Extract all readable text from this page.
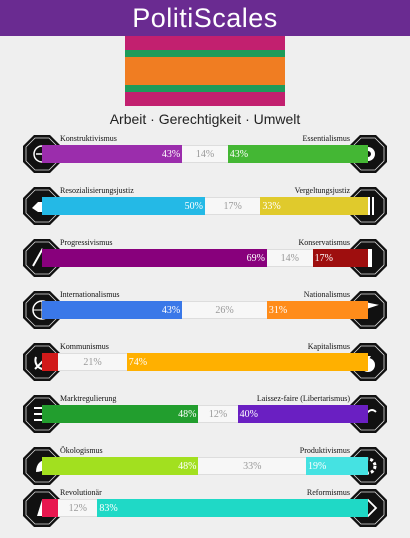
PolitiScales
Arbeit · Gerechtigkeit · Umwelt
Konstruktivismus	Essentialismus
43% 14% 43%
Resozialisierungsjustiz	Vergeltungsjustiz
50% 17% 33%
Progressivismus	Konservatismus
69% 14% 17%
Internationalismus	Nationalismus
43%	26%	31%
Kommunismus	Kapitalismus
21%	74%
Marktregulierung	Laissez-faire (Libertarismus)
48% 12% 40%
Ökologismus	Produktivismus
48%	33%	19%
Revolutionär	Reformismus
12% 83%
